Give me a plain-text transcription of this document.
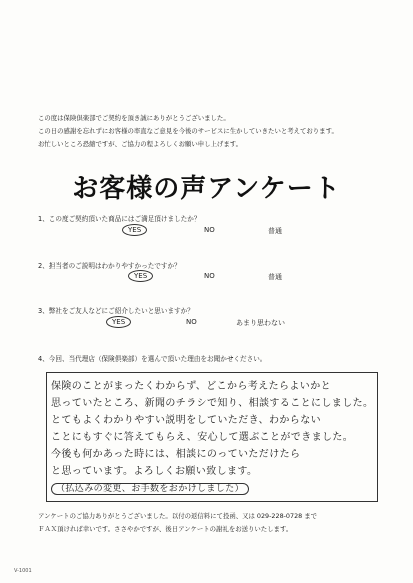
この度は保険倶楽部でご契約を頂き誠にありがとうございました。
この日の感謝を忘れずにお客様の率直なご意見を今後のサービスに生かしていきたいと考えております。
お忙しいところ恐縮ですが、ご協力の程よろしくお願い申し上げます。
お客様の声アンケート
1、この度ご契約頂いた商品にはご満足頂けましたか？
YES	NO	普通
2、担当者のご説明はわかりやすかったですか？
YES	NO	普通
3、弊社をご友人などにご紹介したいと思いますか？
YES	NO	あまり思わない
4、今回、当代理店（保険倶楽部）を選んで頂いた理由をお聞かせください。
保険のことがまったくわからず、どこから考えたらよいかと
思っていたところ、新聞のチラシで知り、相談することにしました。
とてもよくわかりやすい説明をしていただき、わからない
ことにもすぐに答えてもらえ、安心して選ぶことができました。
今後も何かあった時には、相談にのっていただけたら
と思っています。よろしくお願い致します。
（払込みの変更、お手数をおかけしました）
アンケートのご協力ありがとうございました。以付の返信料にて投函、又は 029-228-0728 まで
ＦＡＸ頂ければ幸いです。ささやかですが、後日アンケートの謝礼をお送りいたします。
V-1001
